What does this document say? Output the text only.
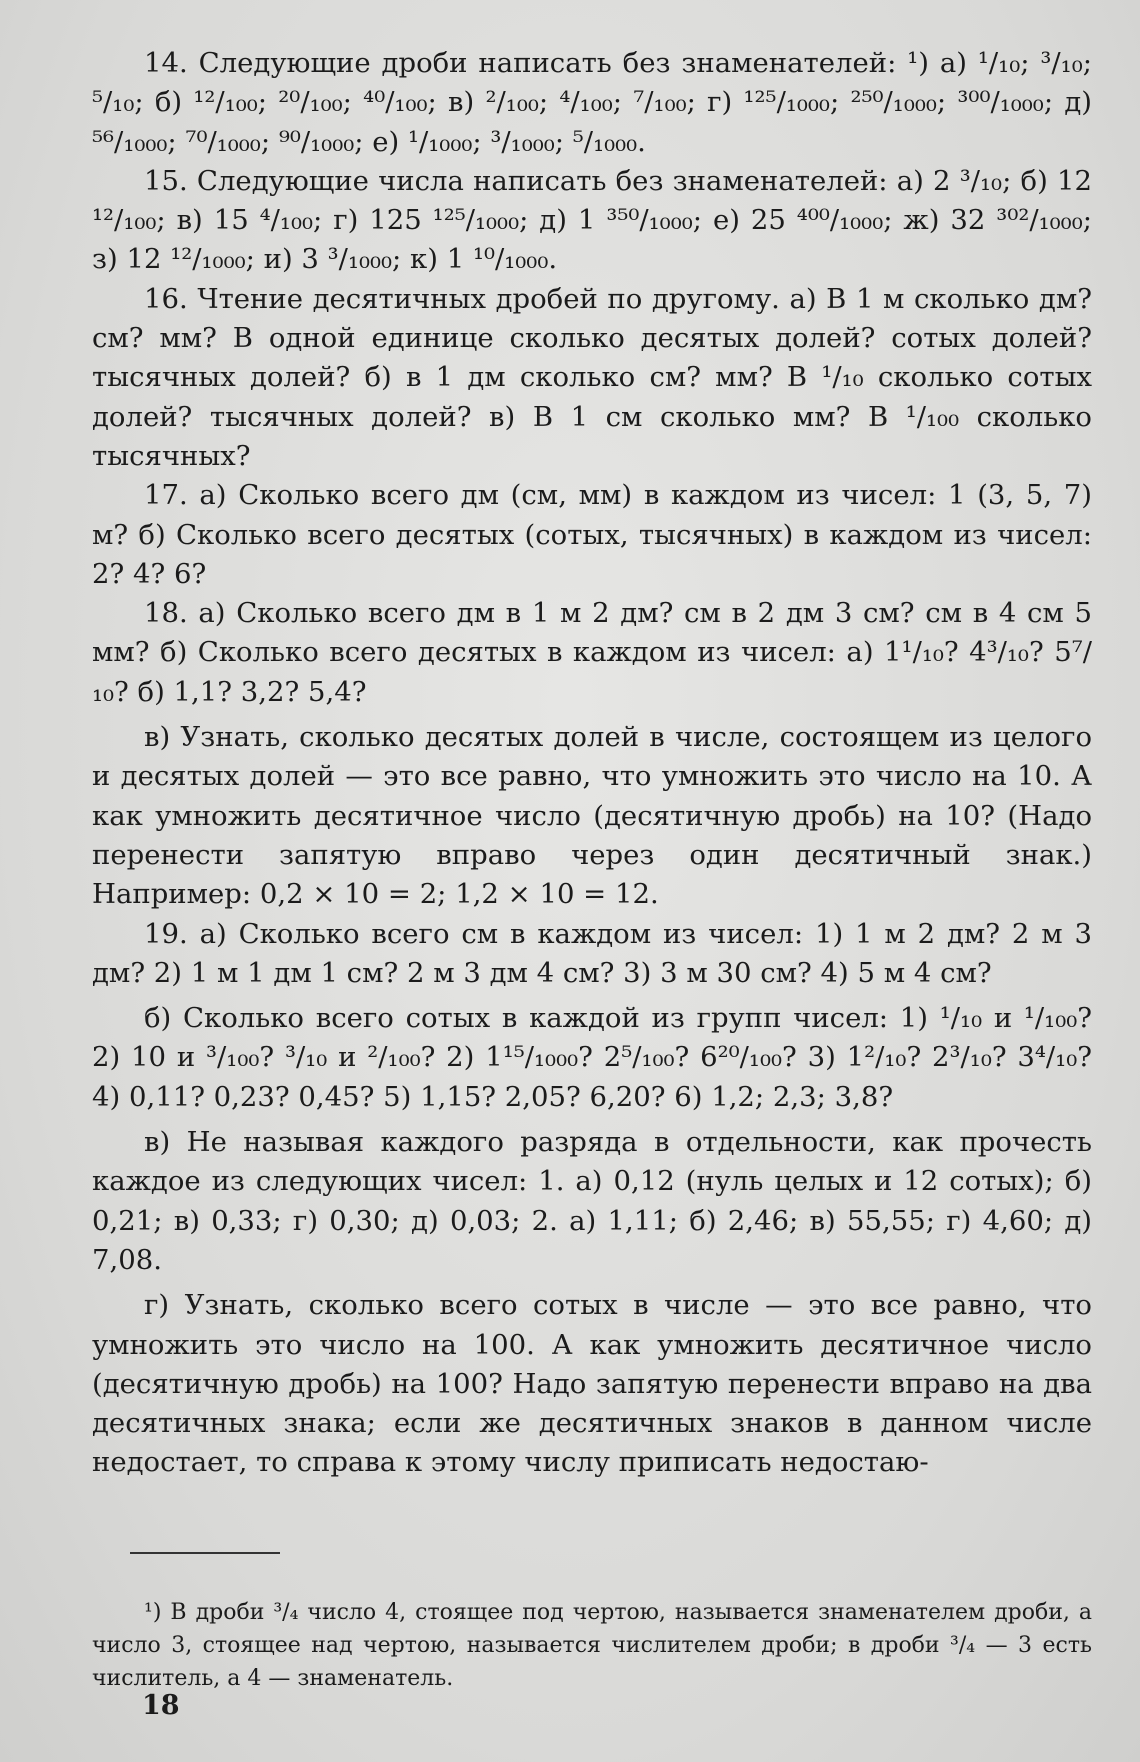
14. Следующие дроби написать без знаменателей: ¹) а) ¹/₁₀; ³/₁₀; ⁵/₁₀; б) ¹²/₁₀₀; ²⁰/₁₀₀; ⁴⁰/₁₀₀; в) ²/₁₀₀; ⁴/₁₀₀; ⁷/₁₀₀; г) ¹²⁵/₁₀₀₀; ²⁵⁰/₁₀₀₀; ³⁰⁰/₁₀₀₀; д) ⁵⁶/₁₀₀₀; ⁷⁰/₁₀₀₀; ⁹⁰/₁₀₀₀; е) ¹/₁₀₀₀; ³/₁₀₀₀; ⁵/₁₀₀₀.

15. Следующие числа написать без знаменателей: а) 2 ³/₁₀; б) 12 ¹²/₁₀₀; в) 15 ⁴/₁₀₀; г) 125 ¹²⁵/₁₀₀₀; д) 1 ³⁵⁰/₁₀₀₀; е) 25 ⁴⁰⁰/₁₀₀₀; ж) 32 ³⁰²/₁₀₀₀; з) 12 ¹²/₁₀₀₀; и) 3 ³/₁₀₀₀; к) 1 ¹⁰/₁₀₀₀.

16. Чтение десятичных дробей по другому. а) В 1 м сколько дм? см? мм? В одной единице сколько десятых долей? сотых долей? тысячных долей? б) в 1 дм сколько см? мм? В ¹/₁₀ сколько сотых долей? тысячных долей? в) В 1 см сколько мм? В ¹/₁₀₀ сколько тысячных?

17. а) Сколько всего дм (см, мм) в каждом из чисел: 1 (3, 5, 7) м? б) Сколько всего десятых (сотых, тысячных) в каждом из чисел: 2? 4? 6?

18. а) Сколько всего дм в 1 м 2 дм? см в 2 дм 3 см? см в 4 см 5 мм? б) Сколько всего десятых в каждом из чисел: а) 1¹/₁₀? 4³/₁₀? 5⁷/₁₀? б) 1,1? 3,2? 5,4?

в) Узнать, сколько десятых долей в числе, состоящем из целого и десятых долей — это все равно, что умножить это число на 10. А как умножить десятичное число (десятичную дробь) на 10? (Надо перенести запятую вправо через один десятичный знак.) Например: 0,2 × 10 = 2; 1,2 × 10 = 12.

19. а) Сколько всего см в каждом из чисел: 1) 1 м 2 дм? 2 м 3 дм? 2) 1 м 1 дм 1 см? 2 м 3 дм 4 см? 3) 3 м 30 см? 4) 5 м 4 см?

б) Сколько всего сотых в каждой из групп чисел: 1) ¹/₁₀ и ¹/₁₀₀? 2) 10 и ³/₁₀₀? ³/₁₀ и ²/₁₀₀? 2) 1¹⁵/₁₀₀₀? 2⁵/₁₀₀? 6²⁰/₁₀₀? 3) 1²/₁₀? 2³/₁₀? 3⁴/₁₀? 4) 0,11? 0,23? 0,45? 5) 1,15? 2,05? 6,20? 6) 1,2; 2,3; 3,8?

в) Не называя каждого разряда в отдельности, как прочесть каждое из следующих чисел: 1. а) 0,12 (нуль целых и 12 сотых); б) 0,21; в) 0,33; г) 0,30; д) 0,03; 2. а) 1,11; б) 2,46; в) 55,55; г) 4,60; д) 7,08.

г) Узнать, сколько всего сотых в числе — это все равно, что умножить это число на 100. А как умножить десятичное число (десятичную дробь) на 100? Надо запятую перенести вправо на два десятичных знака; если же десятичных знаков в данном числе недостает, то справа к этому числу приписать недостаю-

¹) В дроби ³/₄ число 4, стоящее под чертою, называется знаменателем дроби, а число 3, стоящее над чертою, называется числителем дроби; в дроби ³/₄ — 3 есть числитель, а 4 — знаменатель.

18
